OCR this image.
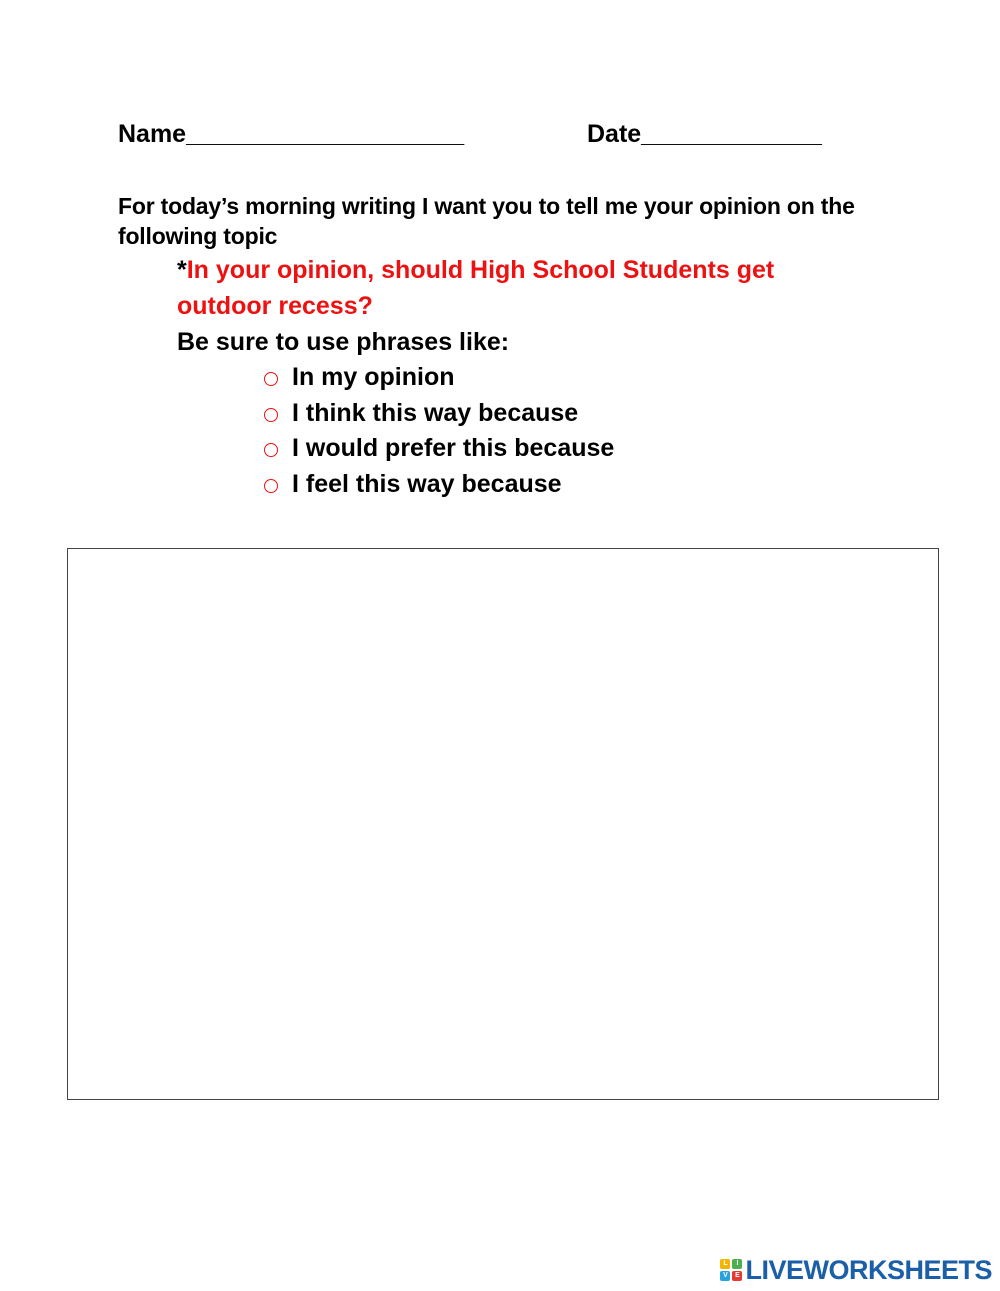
Name____________________	Date_____________
For today’s morning writing I want you to tell me your opinion on the following topic
*In your opinion, should High School Students get outdoor recess?
Be sure to use phrases like:
In my opinion
I think this way because
I would prefer this because
I feel this way because
L	I
V	E LIVEWORKSHEETS
